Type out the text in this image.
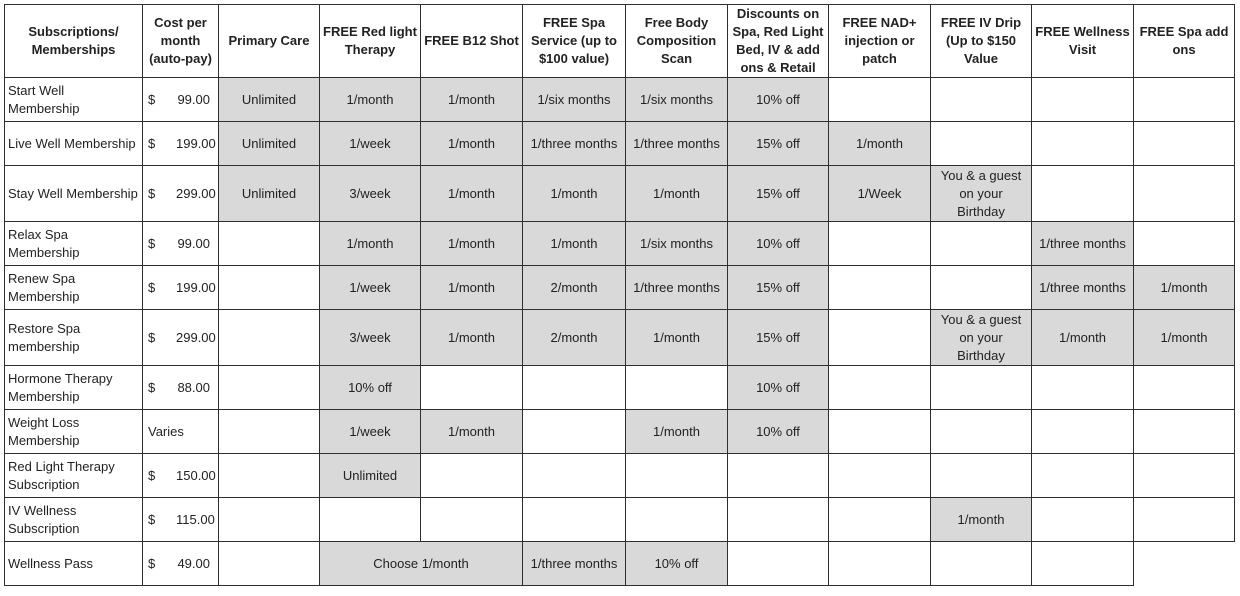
Subscriptions/ Memberships	Cost per month (auto-pay)	Primary Care	FREE Red light Therapy	FREE B12 Shot	FREE Spa Service (up to $100 value)	Free Body Composition Scan	Discounts on Spa, Red Light Bed, IV & add ons & Retail	FREE NAD+ injection or patch	FREE IV Drip (Up to $150 Value	FREE Wellness Visit	FREE Spa add ons
Start Well Membership	$ 99.00	Unlimited	1/month	1/month	1/six months	1/six months	10% off				
Live Well Membership	$ 199.00	Unlimited	1/week	1/month	1/three months	1/three months	15% off	1/month			
Stay Well Membership	$ 299.00	Unlimited	3/week	1/month	1/month	1/month	15% off	1/Week	You & a guest on your Birthday		
Relax Spa Membership	$ 99.00		1/month	1/month	1/month	1/six months	10% off			1/three months	
Renew Spa Membership	$ 199.00		1/week	1/month	2/month	1/three months	15% off			1/three months	1/month
Restore Spa membership	$ 299.00		3/week	1/month	2/month	1/month	15% off		You & a guest on your Birthday	1/month	1/month
Hormone Therapy Membership	$ 88.00		10% off				10% off				
Weight Loss Membership	Varies		1/week	1/month		1/month	10% off				
Red Light Therapy Subscription	$ 150.00		Unlimited								
IV Wellness Subscription	$ 115.00								1/month		
Wellness Pass	$ 49.00		Choose 1/month		1/three months	10% off					
